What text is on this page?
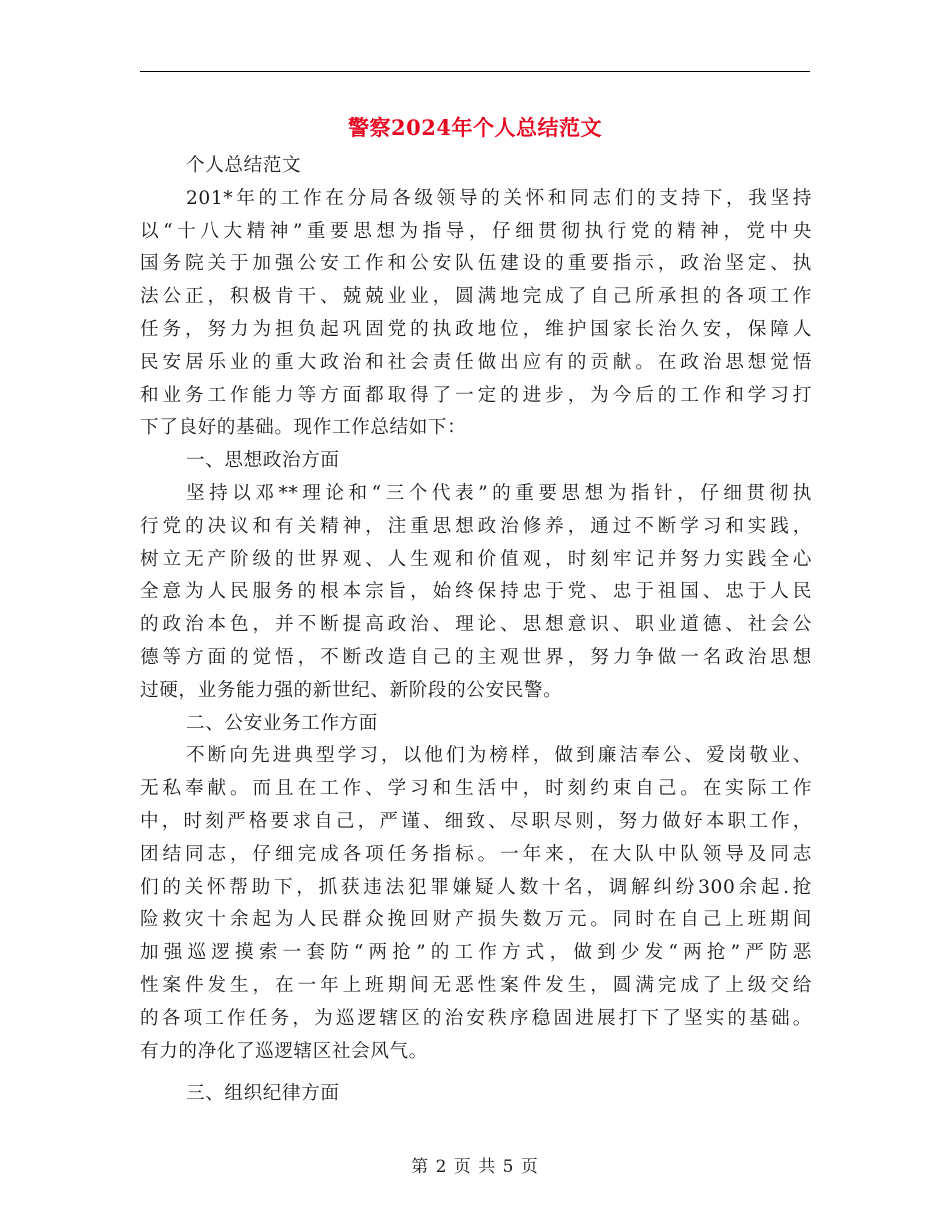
警察2024年个人总结范文
个人总结范文
201*年的工作在分局各级领导的关怀和同志们的支持下，我坚持
以“十八大精神”重要思想为指导，仔细贯彻执行党的精神，党中央
国务院关于加强公安工作和公安队伍建设的重要指示，政治坚定、执
法公正，积极肯干、兢兢业业，圆满地完成了自己所承担的各项工作
任务，努力为担负起巩固党的执政地位，维护国家长治久安，保障人
民安居乐业的重大政治和社会责任做出应有的贡献。在政治思想觉悟
和业务工作能力等方面都取得了一定的进步，为今后的工作和学习打
下了良好的基础。现作工作总结如下：
一、思想政治方面
坚持以邓**理论和“三个代表”的重要思想为指针，仔细贯彻执
行党的决议和有关精神，注重思想政治修养，通过不断学习和实践，
树立无产阶级的世界观、人生观和价值观，时刻牢记并努力实践全心
全意为人民服务的根本宗旨，始终保持忠于党、忠于祖国、忠于人民
的政治本色，并不断提高政治、理论、思想意识、职业道德、社会公
德等方面的觉悟，不断改造自己的主观世界，努力争做一名政治思想
过硬，业务能力强的新世纪、新阶段的公安民警。
二、公安业务工作方面
不断向先进典型学习，以他们为榜样，做到廉洁奉公、爱岗敬业、
无私奉献。而且在工作、学习和生活中，时刻约束自己。在实际工作
中，时刻严格要求自己，严谨、细致、尽职尽则，努力做好本职工作，
团结同志，仔细完成各项任务指标。一年来，在大队中队领导及同志
们的关怀帮助下，抓获违法犯罪嫌疑人数十名，调解纠纷300余起.抢
险救灾十余起为人民群众挽回财产损失数万元。同时在自己上班期间
加强巡逻摸索一套防“两抢”的工作方式，做到少发“两抢”严防恶
性案件发生，在一年上班期间无恶性案件发生，圆满完成了上级交给
的各项工作任务，为巡逻辖区的治安秩序稳固进展打下了坚实的基础。
有力的净化了巡逻辖区社会风气。
三、组织纪律方面
第 2 页 共 5 页
